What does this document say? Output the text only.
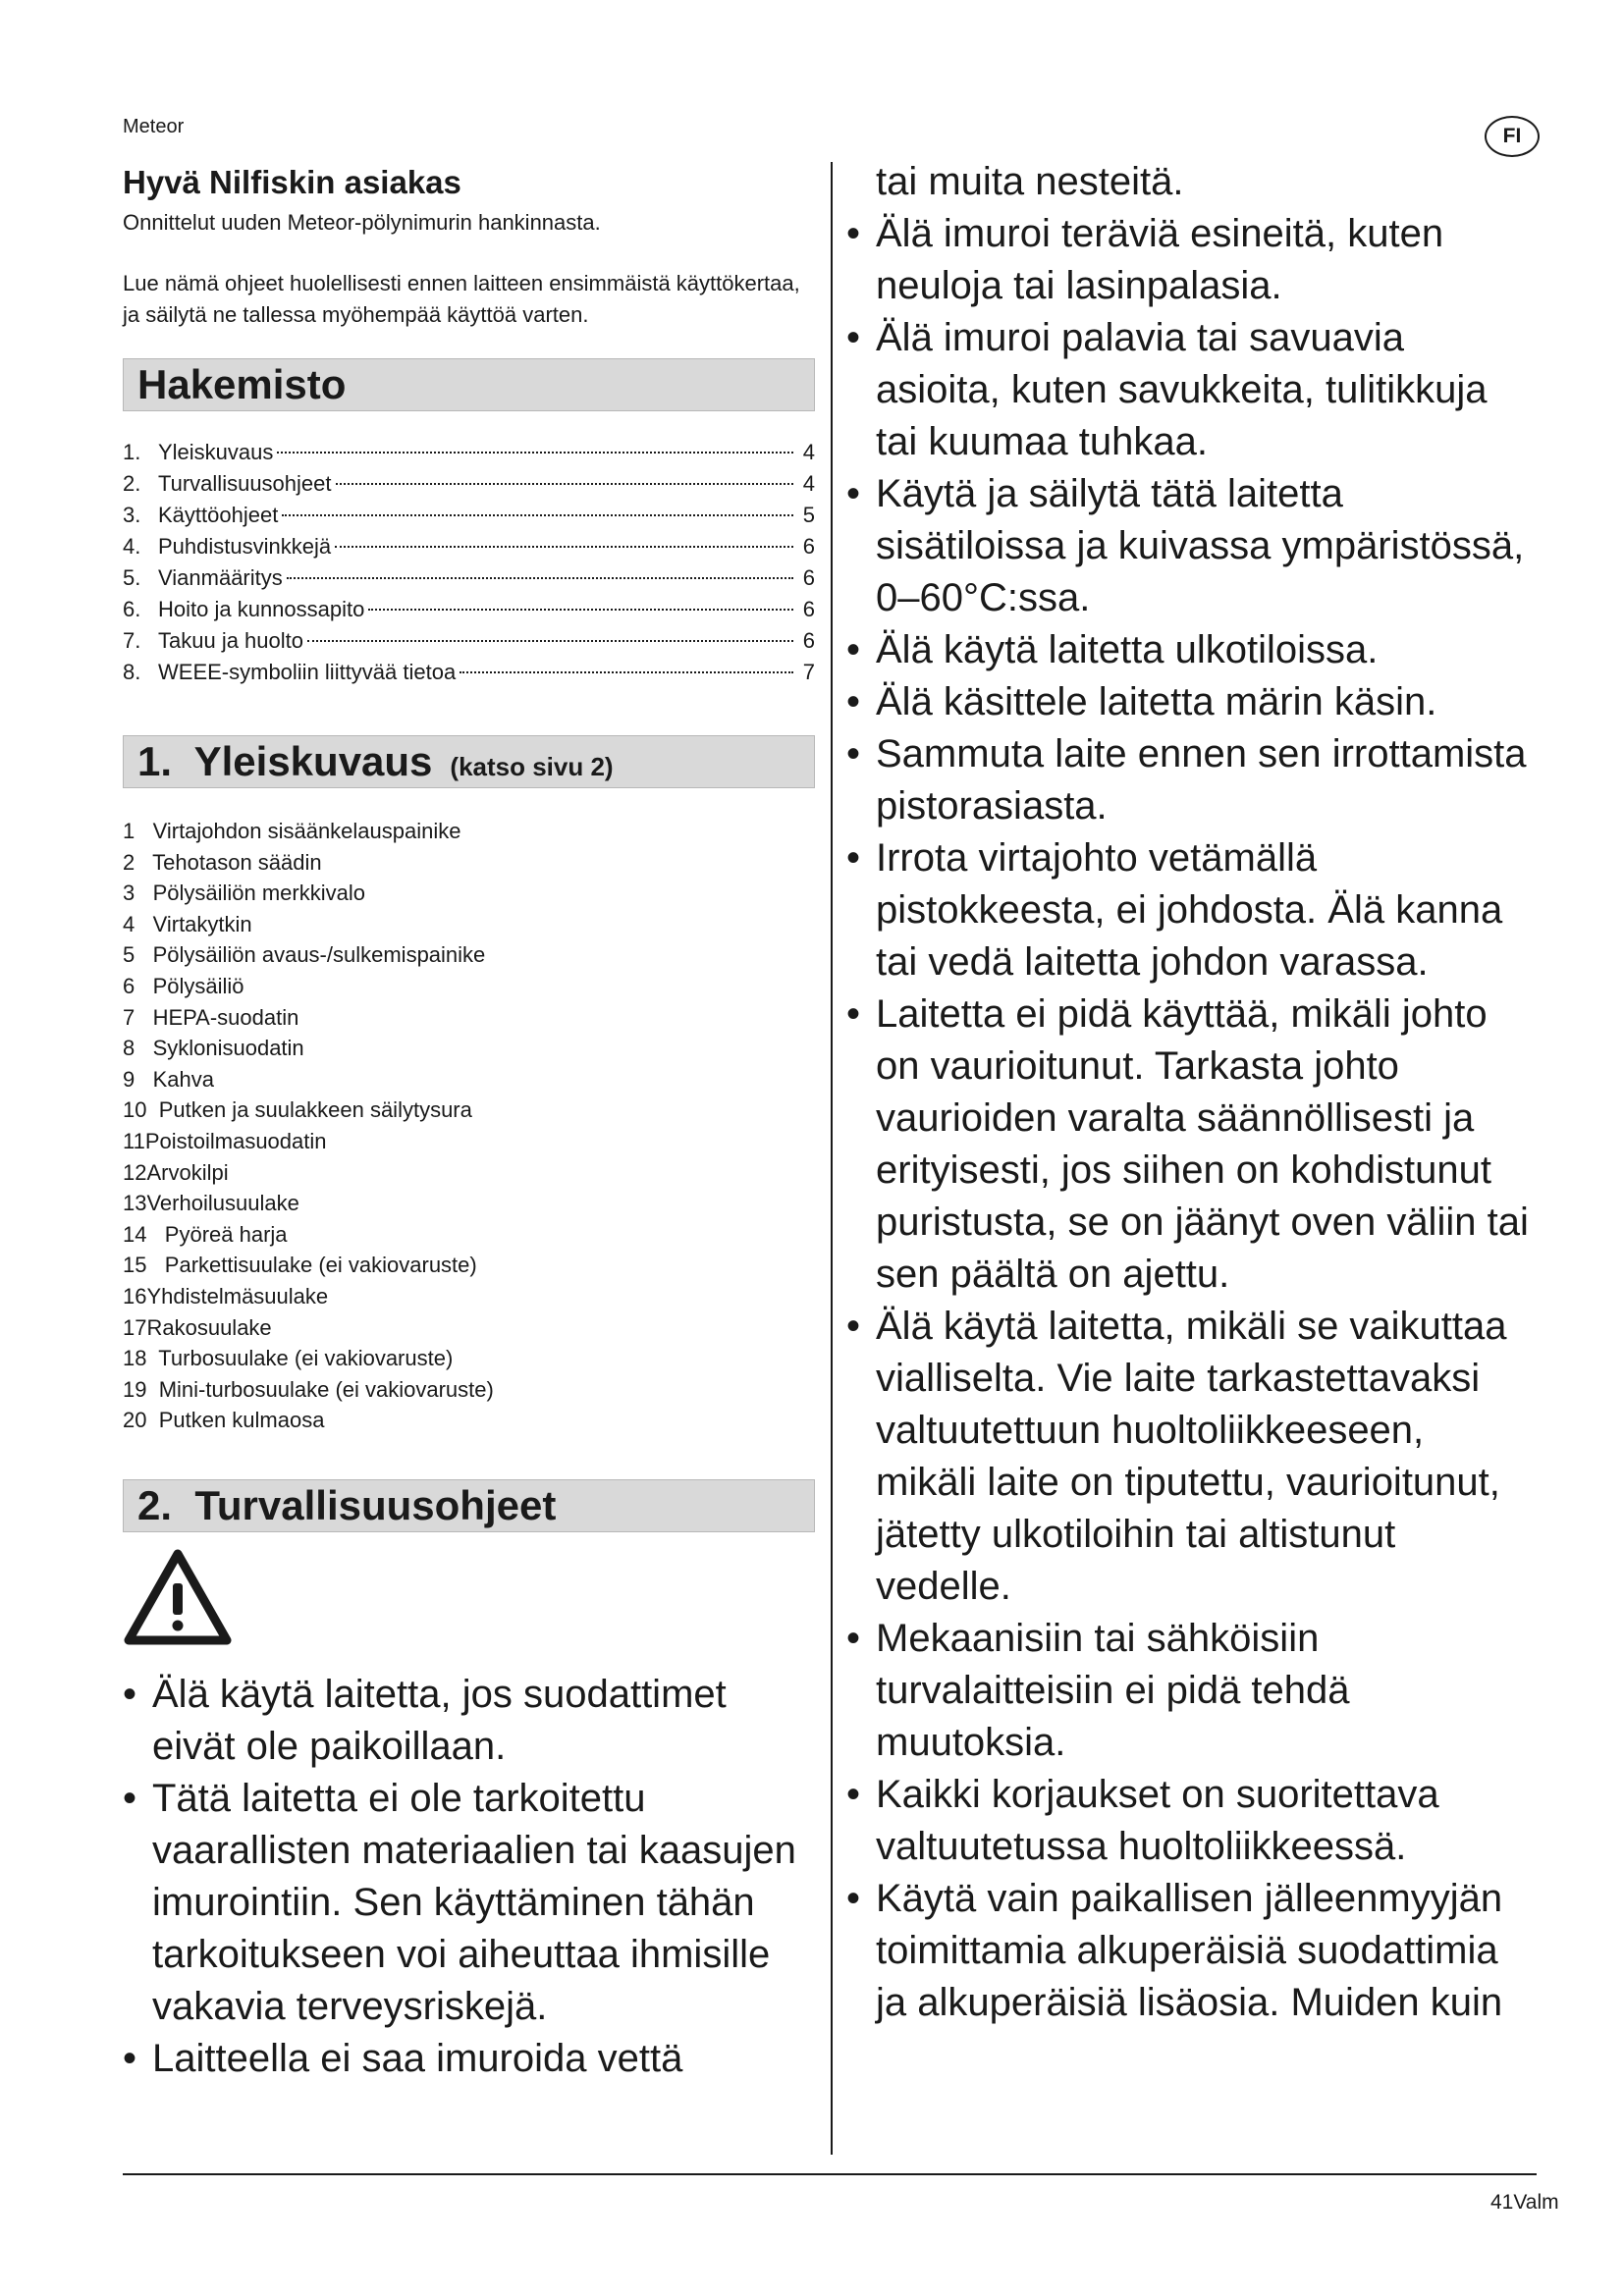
Meteor	FI
Hyvä Nilfiskin asiakas

Onnittelut uuden Meteor-pölynimurin hankinnasta.

Lue nämä ohjeet huolellisesti ennen laitteen ensimmäistä käyttökertaa, ja säilytä ne tallessa myöhempää käyttöä varten.

Hakemisto
1. Yleiskuvaus	4
2. Turvallisuusohjeet	4
3. Käyttöohjeet	5
4. Puhdistusvinkkejä	6
5. Vianmääritys	6
6. Hoito ja kunnossapito	6
7. Takuu ja huolto	6
8. WEEE-symboliin liittyvää tietoa	7
1.  Yleiskuvaus (katso sivu 2)
1   Virtajohdon sisäänkelauspainike
2   Tehotason säädin
3   Pölysäiliön merkkivalo
4   Virtakytkin
5   Pölysäiliön avaus-/sulkemispainike
6   Pölysäiliö
7   HEPA-suodatin
8   Syklonisuodatin
9   Kahva
10  Putken ja suulakkeen säilytysura
11Poistoilmasuodatin
12Arvokilpi
13Verhoilusuulake
14   Pyöreä harja
15   Parkettisuulake (ei vakiovaruste)
16Yhdistelmäsuulake
17Rakosuulake
18  Turbosuulake (ei vakiovaruste)
19  Mini-turbosuulake (ei vakiovaruste)
20  Putken kulmaosa
2.  Turvallisuusohjeet
• Älä käytä laitetta, jos suodattimet eivät ole paikoillaan.
• Tätä laitetta ei ole tarkoitettu vaarallisten materiaalien tai kaasujen imurointiin. Sen käyttäminen tähän tarkoitukseen voi aiheuttaa ihmisille vakavia terveysriskejä.
• Laitteella ei saa imuroida vettä
tai muita nesteitä.
• Älä imuroi teräviä esineitä, kuten neuloja tai lasinpalasia.
• Älä imuroi palavia tai savuavia asioita, kuten savukkeita, tulitikkuja tai kuumaa tuhkaa.
• Käytä ja säilytä tätä laitetta sisätiloissa ja kuivassa ympäristössä, 0–60°C:ssa.
• Älä käytä laitetta ulkotiloissa.
• Älä käsittele laitetta märin käsin.
• Sammuta laite ennen sen irrottamista pistorasiasta.
• Irrota virtajohto vetämällä pistokkeesta, ei johdosta. Älä kanna tai vedä laitetta johdon varassa.
• Laitetta ei pidä käyttää, mikäli johto on vaurioitunut. Tarkasta johto vaurioiden varalta säännöllisesti ja erityisesti, jos siihen on kohdistunut puristusta, se on jäänyt oven väliin tai sen päältä on ajettu.
• Älä käytä laitetta, mikäli se vaikuttaa vialliselta. Vie laite tarkastettavaksi valtuutettuun huoltoliikkeeseen, mikäli laite on tiputettu, vaurioitunut, jätetty ulkotiloihin tai altistunut vedelle.
• Mekaanisiin tai sähköisiin turvalaitteisiin ei pidä tehdä muutoksia.
• Kaikki korjaukset on suoritettava valtuutetussa huoltoliikkeessä.
• Käytä vain paikallisen jälleenmyyjän toimittamia alkuperäisiä suodattimia ja alkuperäisiä lisäosia. Muiden kuin
41Valm
